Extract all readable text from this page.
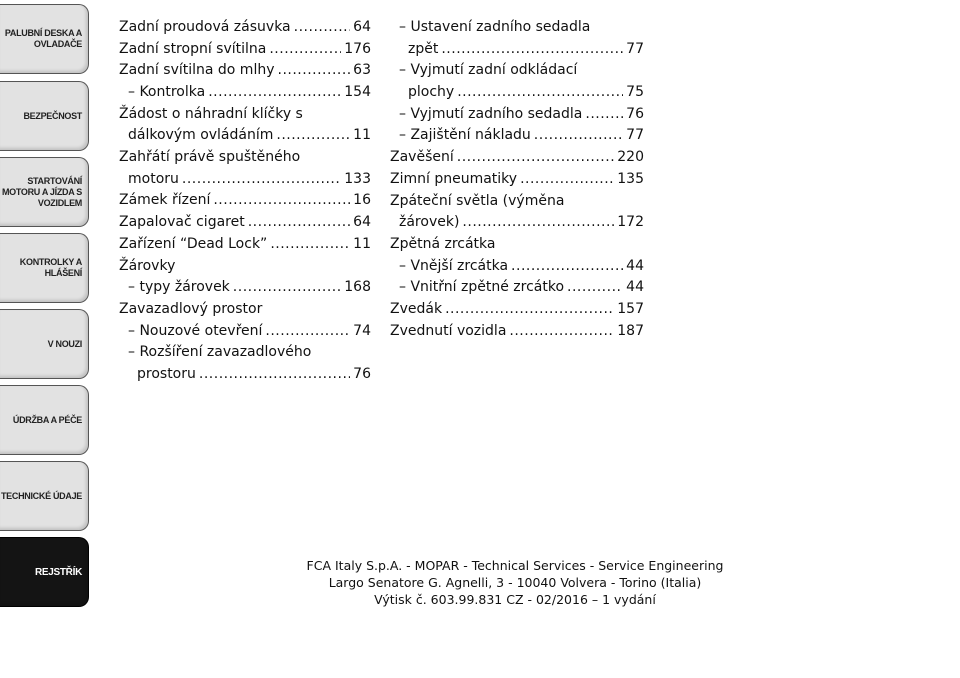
PALUBNÍ DESKA A
OVLADAČE
BEZPEČNOST
STARTOVÁNÍ
MOTORU A JÍZDA S
VOZIDLEM
KONTROLKY A
HLÁŠENÍ
V NOUZI
ÚDRŽBA A PÉČE
TECHNICKÉ ÚDAJE
REJSTŘÍK
Zadní proudová zásuvka .....	64
Zadní stropní svítilna .....	176
Zadní svítilna do mlhy .....	63
– Kontrolka .....	154
Žádost o náhradní klíčky s
dálkovým ovládáním .....	11
Zahřátí právě spuštěného
motoru .....	133
Zámek řízení .....	16
Zapalovač cigaret .....	64
Zařízení “Dead Lock” .....	11
Žárovky
– typy žárovek .....	168
Zavazadlový prostor
– Nouzové otevření .....	74
– Rozšíření zavazadlového
prostoru .....	76
– Ustavení zadního sedadla
zpět .....	77
– Vyjmutí zadní odkládací
plochy .....	75
– Vyjmutí zadního sedadla .....	76
– Zajištění nákladu .....	77
Zavěšení .....	220
Zimní pneumatiky .....	135
Zpáteční světla (výměna
žárovek) .....	172
Zpětná zrcátka
– Vnější zrcátka .....	44
– Vnitřní zpětné zrcátko .....	44
Zvedák .....	157
Zvednutí vozidla .....	187
FCA Italy S.p.A. - MOPAR - Technical Services - Service Engineering
Largo Senatore G. Agnelli, 3 - 10040 Volvera - Torino (Italia)
Výtisk č. 603.99.831 CZ - 02/2016 – 1 vydání
